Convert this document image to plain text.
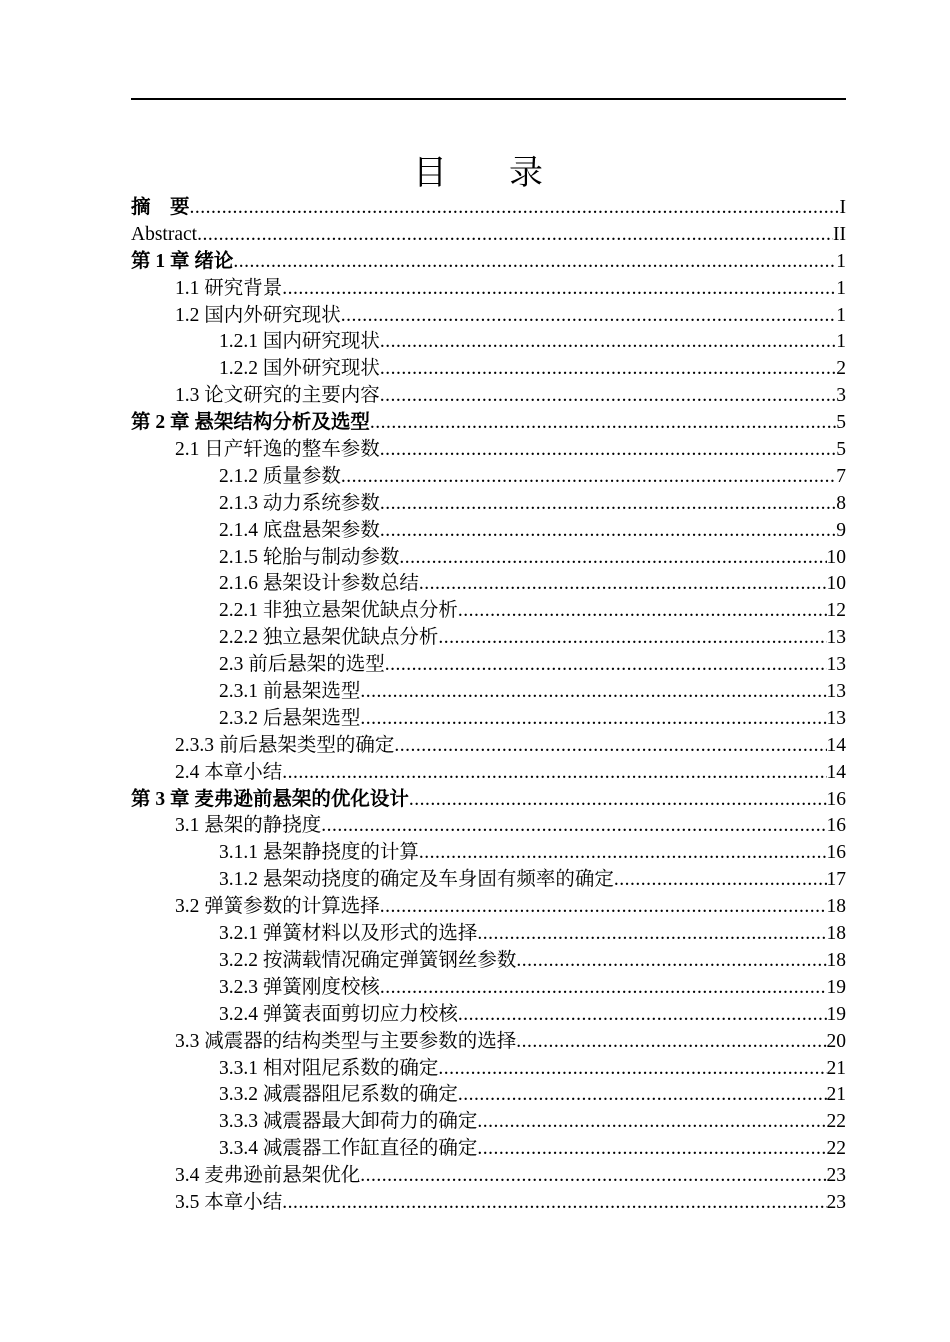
目　录
摘　要 .....	I
Abstract .....	II
第 1 章 绪论 .....	1
1.1 研究背景 .....	1
1.2 国内外研究现状 .....	1
1.2.1 国内研究现状 .....	1
1.2.2 国外研究现状 .....	2
1.3 论文研究的主要内容 .....	3
第 2 章 悬架结构分析及选型 .....	5
2.1 日产轩逸的整车参数 .....	5
2.1.2 质量参数 .....	7
2.1.3 动力系统参数 .....	8
2.1.4 底盘悬架参数 .....	9
2.1.5 轮胎与制动参数 .....	10
2.1.6 悬架设计参数总结 .....	10
2.2.1 非独立悬架优缺点分析 .....	12
2.2.2 独立悬架优缺点分析 .....	13
2.3 前后悬架的选型 .....	13
2.3.1 前悬架选型 .....	13
2.3.2 后悬架选型 .....	13
2.3.3 前后悬架类型的确定 .....	14
2.4 本章小结 .....	14
第 3 章 麦弗逊前悬架的优化设计 .....	16
3.1 悬架的静挠度 .....	16
3.1.1 悬架静挠度的计算 .....	16
3.1.2 悬架动挠度的确定及车身固有频率的确定 .....	17
3.2 弹簧参数的计算选择 .....	18
3.2.1 弹簧材料以及形式的选择 .....	18
3.2.2 按满载情况确定弹簧钢丝参数 .....	18
3.2.3 弹簧刚度校核 .....	19
3.2.4 弹簧表面剪切应力校核 .....	19
3.3 减震器的结构类型与主要参数的选择 .....	20
3.3.1 相对阻尼系数的确定 .....	21
3.3.2 减震器阻尼系数的确定 .....	21
3.3.3 减震器最大卸荷力的确定 .....	22
3.3.4 减震器工作缸直径的确定 .....	22
3.4 麦弗逊前悬架优化 .....	23
3.5 本章小结 .....	23
